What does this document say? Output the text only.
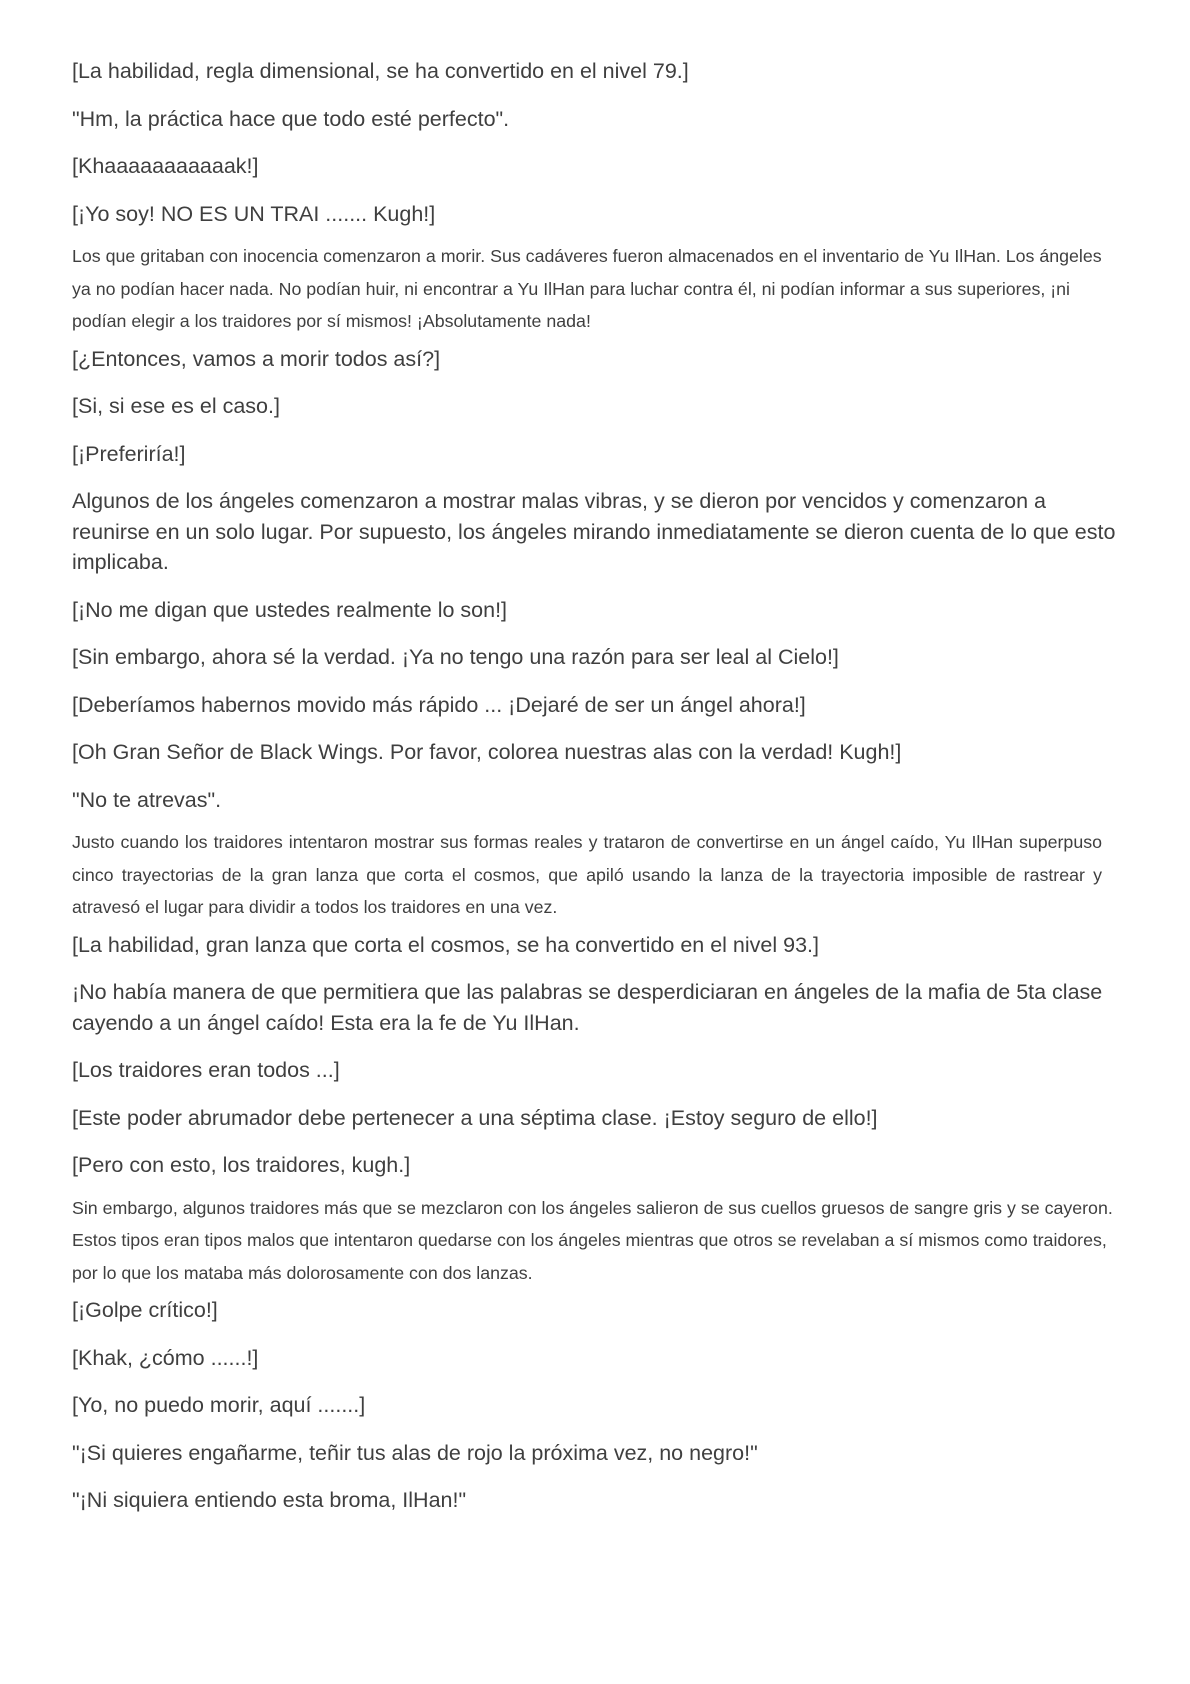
[La habilidad, regla dimensional, se ha convertido en el nivel 79.]

"Hm, la práctica hace que todo esté perfecto".

[Khaaaaaaaaaaak!]

[¡Yo soy! NO ES UN TRAI ....... Kugh!]

Los que gritaban con inocencia comenzaron a morir. Sus cadáveres fueron almacenados en el inventario de Yu IlHan. Los ángeles ya no podían hacer nada. No podían huir, ni encontrar a Yu IlHan para luchar contra él, ni podían informar a sus superiores, ¡ni podían elegir a los traidores por sí mismos! ¡Absolutamente nada!

[¿Entonces, vamos a morir todos así?]

[Si, si ese es el caso.]

[¡Preferiría!]

Algunos de los ángeles comenzaron a mostrar malas vibras, y se dieron por vencidos y comenzaron a reunirse en un solo lugar. Por supuesto, los ángeles mirando inmediatamente se dieron cuenta de lo que esto implicaba.

[¡No me digan que ustedes realmente lo son!]

[Sin embargo, ahora sé la verdad. ¡Ya no tengo una razón para ser leal al Cielo!]

[Deberíamos habernos movido más rápido ... ¡Dejaré de ser un ángel ahora!]

[Oh Gran Señor de Black Wings. Por favor, colorea nuestras alas con la verdad! Kugh!]

"No te atrevas".

Justo cuando los traidores intentaron mostrar sus formas reales y trataron de convertirse en un ángel caído, Yu IlHan superpuso cinco trayectorias de la gran lanza que corta el cosmos, que apiló usando la lanza de la trayectoria imposible de rastrear y atravesó el lugar para dividir a todos los traidores en una vez.

[La habilidad, gran lanza que corta el cosmos, se ha convertido en el nivel 93.]

¡No había manera de que permitiera que las palabras se desperdiciaran en ángeles de la mafia de 5ta clase cayendo a un ángel caído! Esta era la fe de Yu IlHan.

[Los traidores eran todos ...]

[Este poder abrumador debe pertenecer a una séptima clase. ¡Estoy seguro de ello!]

[Pero con esto, los traidores, kugh.]

Sin embargo, algunos traidores más que se mezclaron con los ángeles salieron de sus cuellos gruesos de sangre gris y se cayeron. Estos tipos eran tipos malos que intentaron quedarse con los ángeles mientras que otros se revelaban a sí mismos como traidores, por lo que los mataba más dolorosamente con dos lanzas.

[¡Golpe crítico!]

[Khak, ¿cómo ......!]

[Yo, no puedo morir, aquí .......]

"¡Si quieres engañarme, teñir tus alas de rojo la próxima vez, no negro!"

"¡Ni siquiera entiendo esta broma, IlHan!"
